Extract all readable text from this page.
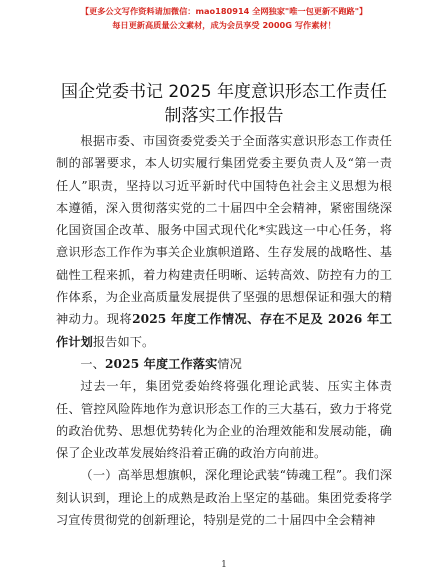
【更多公文写作资料请加微信：mao180914 全网独家"唯一包更新不跑路"】
每日更新高质量公文素材，成为会员享受 2000G 写作素材！
国企党委书记 2025 年度意识形态工作责任制落实工作报告

根据市委、市国资委党委关于全面落实意识形态工作责任制的部署要求，本人切实履行集团党委主要负责人及“第一责任人”职责，坚持以习近平新时代中国特色社会主义思想为根本遵循，深入贯彻落实党的二十届四中全会精神，紧密围绕深化国资国企改革、服务中国式现代化*实践这一中心任务，将意识形态工作作为事关企业旗帜道路、生存发展的战略性、基础性工程来抓，着力构建责任明晰、运转高效、防控有力的工作体系，为企业高质量发展提供了坚强的思想保证和强大的精神动力。现将2025 年度工作情况、存在不足及 2026 年工作计划报告如下。

一、2025 年度工作落实情况

过去一年，集团党委始终将强化理论武装、压实主体责任、管控风险阵地作为意识形态工作的三大基石，致力于将党的政治优势、思想优势转化为企业的治理效能和发展动能，确保了企业改革发展始终沿着正确的政治方向前进。

（一）高举思想旗帜，深化理论武装“铸魂工程”。我们深刻认识到，理论上的成熟是政治上坚定的基础。集团党委将学习宣传贯彻党的创新理论，特别是党的二十届四中全会精神

1
